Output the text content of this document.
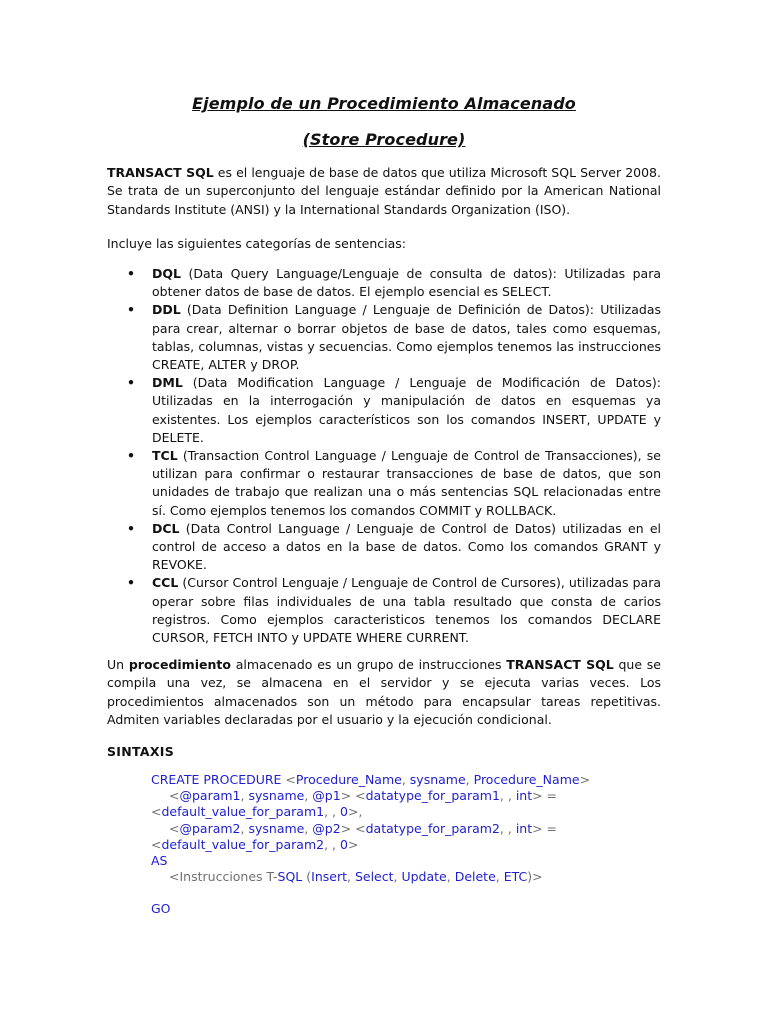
Ejemplo de un Procedimiento Almacenado
(Store Procedure)

TRANSACT SQL es el lenguaje de base de datos que utiliza Microsoft SQL Server 2008. Se trata de un superconjunto del lenguaje estándar definido por la American National Standards Institute (ANSI) y la International Standards Organization (ISO).

Incluye las siguientes categorías de sentencias:
• DQL (Data Query Language/Lenguaje de consulta de datos): Utilizadas para obtener datos de base de datos. El ejemplo esencial es SELECT.
• DDL (Data Definition Language / Lenguaje de Definición de Datos): Utilizadas para crear, alternar o borrar objetos de base de datos, tales como esquemas, tablas, columnas, vistas y secuencias. Como ejemplos tenemos las instrucciones CREATE, ALTER y DROP.
• DML (Data Modification Language / Lenguaje de Modificación de Datos): Utilizadas en la interrogación y manipulación de datos en esquemas ya existentes. Los ejemplos característicos son los comandos INSERT, UPDATE y DELETE.
• TCL (Transaction Control Language / Lenguaje de Control de Transacciones), se utilizan para confirmar o restaurar transacciones de base de datos, que son unidades de trabajo que realizan una o más sentencias SQL relacionadas entre sí. Como ejemplos tenemos los comandos COMMIT y ROLLBACK.
• DCL (Data Control Language / Lenguaje de Control de Datos) utilizadas en el control de acceso a datos en la base de datos. Como los comandos GRANT y REVOKE.
• CCL (Cursor Control Lenguaje / Lenguaje de Control de Cursores), utilizadas para operar sobre filas individuales de una tabla resultado que consta de carios registros. Como ejemplos caracteristicos tenemos los comandos DECLARE CURSOR, FETCH INTO y UPDATE WHERE CURRENT.

Un procedimiento almacenado es un grupo de instrucciones TRANSACT SQL que se compila una vez, se almacena en el servidor y se ejecuta varias veces. Los procedimientos almacenados son un método para encapsular tareas repetitivas. Admiten variables declaradas por el usuario y la ejecución condicional.

SINTAXIS
CREATE PROCEDURE <Procedure_Name, sysname, Procedure_Name>
<@param1, sysname, @p1> <datatype_for_param1, , int> =
<default_value_for_param1, , 0>,
<@param2, sysname, @p2> <datatype_for_param2, , int> =
<default_value_for_param2, , 0>
AS
<Instrucciones T-SQL (Insert, Select, Update, Delete, ETC)>
GO
